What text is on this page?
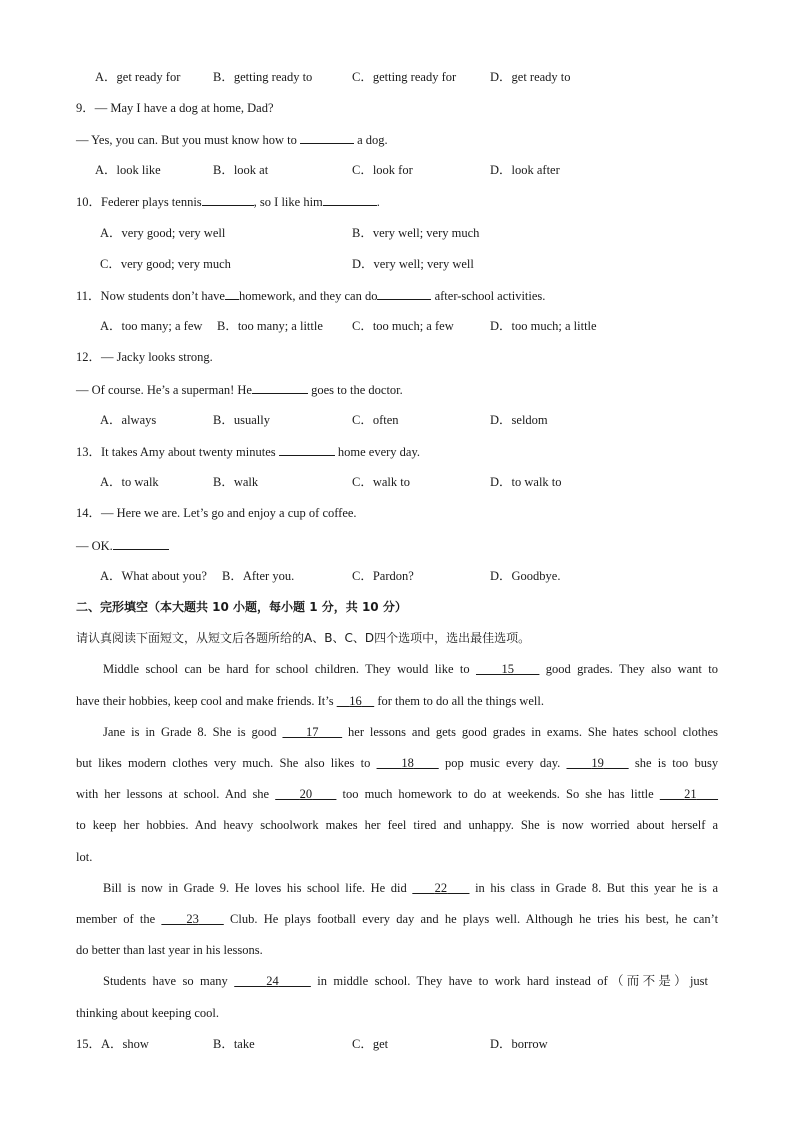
A．get ready for	B．getting ready to	C．getting ready for	D．get ready to
9．— May I have a dog at home, Dad?
— Yes, you can. But you must know how to	a dog.
A．look like	B．look at	C．look for	D．look after
10．Federer plays tennis	, so I like him	.
A．very good; very well	B．very well; very much
C．very good; very much	D．very well; very well
11．Now students don’t have homework, and they can do	after-school activities.
A．too many; a few B．too many; a little C．too much; a few	D．too much; a little
12．— Jacky looks strong.
— Of course. He’s a superman! He	goes to the doctor.
A．always	B．usually	C．often	D．seldom
13．It takes Amy about twenty minutes	home every day.
A．to walk	B．walk	C．walk to	D．to walk to
14．— Here we are. Let’s go and enjoy a cup of coffee.
— OK.
A．What about you? B．After you.	C．Pardon?	D．Goodbye.
二、完形填空（本大题共 10 小题，每小题 1 分，共 10 分）
请认真阅读下面短文，从短文后各题所给的A、B、C、D四个选项中，选出最佳选项。
Middle school can be hard for school children. They would like to	15	good grades. They also want to
have their hobbies, keep cool and make friends. It’s 16 for them to do all the things well.
Jane is in Grade 8. She is good 17 her lessons and gets good grades in exams. She hates school clothes
but likes modern clothes very much. She also likes to 18 pop music every day. 19 she is too busy
with her lessons at school. And she 20 too much homework to do at weekends. So she has little 21
to keep her hobbies. And heavy schoolwork makes her feel tired and unhappy. She is now worried about herself a
lot.
Bill is now in Grade 9. He loves his school life. He did 22 in his class in Grade 8. But this year he is a
member of the 23 Club. He plays football every day and he plays well. Although he tries his best, he can’t
do better than last year in his lessons.
Students have so many	24	in middle school. They have to work hard instead of（而不是）just
thinking about keeping cool.
15．A．show	B．take	C．get	D．borrow
